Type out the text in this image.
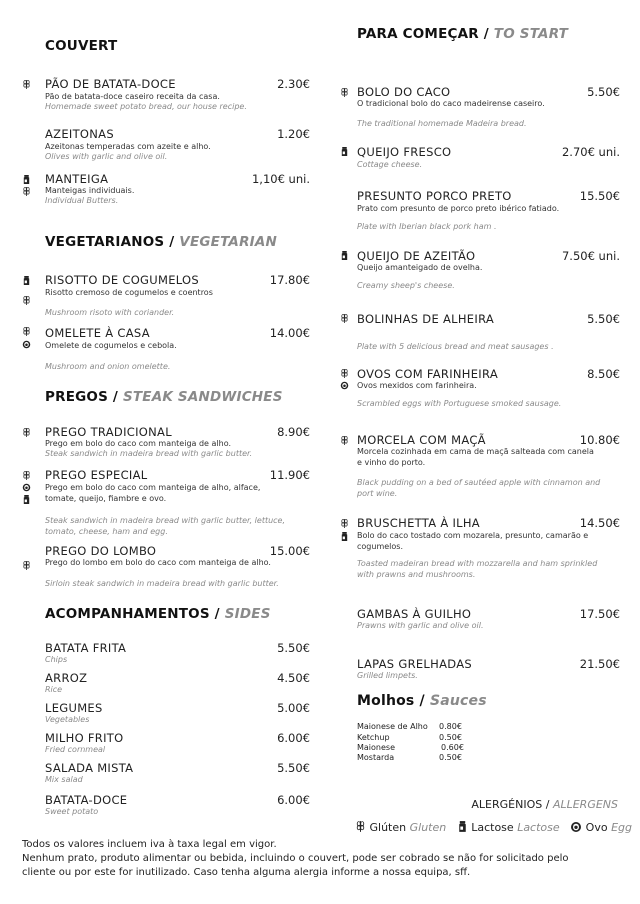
COUVERT
PÃO DE BATATA-DOCE	2.30€
Pão de batata-doce caseiro receita da casa.
Homemade sweet potato bread, our house recipe.
AZEITONAS	1.20€
Azeitonas temperadas com azeite e alho.
Olives with garlic and olive oil.
MANTEIGA	1,10€ uni.
Manteigas individuais.
Individual Butters.
VEGETARIANOS / VEGETARIAN
RISOTTO DE COGUMELOS	17.80€
Risotto cremoso de cogumelos e coentros
Mushroom risoto with coriander.
OMELETE À CASA	14.00€
Omelete de cogumelos e cebola.
Mushroom and onion omelette.
PREGOS / STEAK SANDWICHES
PREGO TRADICIONAL	8.90€
Prego em bolo do caco com manteiga de alho.
Steak sandwich in madeira bread with garlic butter.
PREGO ESPECIAL	11.90€
Prego em bolo do caco com manteiga de alho, alface,
tomate, queijo, fiambre e ovo.
Steak sandwich in madeira bread with garlic butter, lettuce,
tomato, cheese, ham and egg.
PREGO DO LOMBO	15.00€
Prego do lombo em bolo do caco com manteiga de alho.
Sirloin steak sandwich in madeira bread with garlic butter.
ACOMPANHAMENTOS / SIDES
BATATA FRITA	5.50€
Chips
ARROZ	4.50€
Rice
LEGUMES	5.00€
Vegetables
MILHO FRITO	6.00€
Fried cornmeal
SALADA MISTA	5.50€
Mix salad
BATATA-DOCE	6.00€
Sweet potato
PARA COMEÇAR / TO START
BOLO DO CACO	5.50€
O tradicional bolo do caco madeirense caseiro.
The traditional homemade Madeira bread.
QUEIJO FRESCO	2.70€ uni.
Cottage cheese.
PRESUNTO PORCO PRETO	15.50€
Prato com presunto de porco preto ibérico fatiado.
Plate with Iberian black pork ham .
QUEIJO DE AZEITÃO	7.50€ uni.
Queijo amanteigado de ovelha.
Creamy sheep's cheese.
BOLINHAS DE ALHEIRA	5.50€
Plate with 5 delicious bread and meat sausages .
OVOS COM FARINHEIRA	8.50€
Ovos mexidos com farinheira.
Scrambled eggs with Portuguese smoked sausage.
MORCELA COM MAÇÃ	10.80€
Morcela cozinhada em cama de maçã salteada com canela
e vinho do porto.
Black pudding on a bed of sautéed apple with cinnamon and
port wine.
BRUSCHETTA À ILHA	14.50€
Bolo do caco tostado com mozarela, presunto, camarão e
cogumelos.
Toasted madeiran bread with mozzarella and ham sprinkled
with prawns and mushrooms.
GAMBAS À GUILHO	17.50€
Prawns with garlic and olive oil.
LAPAS GRELHADAS	21.50€
Grilled limpets.
Molhos / Sauces
Maionese de Alho 0.80€
Ketchup	0.50€
Maionese	0.60€
Mostarda	0.50€
ALERGÉNIOS / ALLERGENS
Glúten Gluten Lactose Lactose Ovo Egg
Todos os valores incluem iva à taxa legal em vigor.
Nenhum prato, produto alimentar ou bebida, incluindo o couvert, pode ser cobrado se não for solicitado pelo
cliente ou por este for inutilizado. Caso tenha alguma alergia informe a nossa equipa, sff.
